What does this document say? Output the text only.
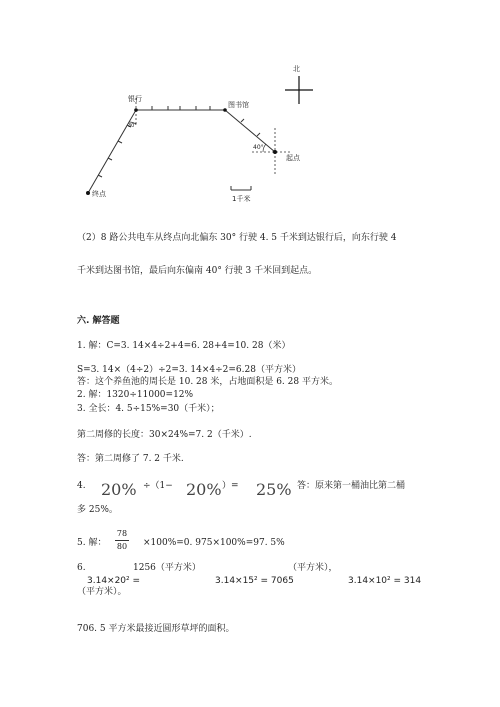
北
银行
图书馆
起点
终点
30°
40°
1千米
（2）8 路公共电车从终点向北偏东 30° 行驶 4. 5 千米到达银行后，向东行驶 4
千米到达图书馆，最后向东偏南 40° 行驶 3 千米回到起点。
六. 解答题
1. 解：C=3. 14×4÷2+4=6. 28+4=10. 28（米）
S=3. 14×（4÷2）÷2=3. 14×4÷2=6.28（平方米）
答：这个养鱼池的周长是 10. 28 米，占地面积是 6. 28 平方米。
2. 解：1320÷11000=12%
3. 全长：4. 5÷15%=30（千米）；
第二周修的长度：30×24%=7. 2（千米）.
答：第二周修了 7. 2 千米.
4. 20% ÷（1− 20% ）= 25% 答：原来第一桶油比第二桶
多 25%。
5. 解：
78
80 ×100%=0. 975×100%=97. 5%
6.	1256（平方米）	（平方米），
3.14×20² =	3.14×15² = 7065	3.14×10² = 314
（平方米）。
706. 5 平方米最接近圆形草坪的面积。
